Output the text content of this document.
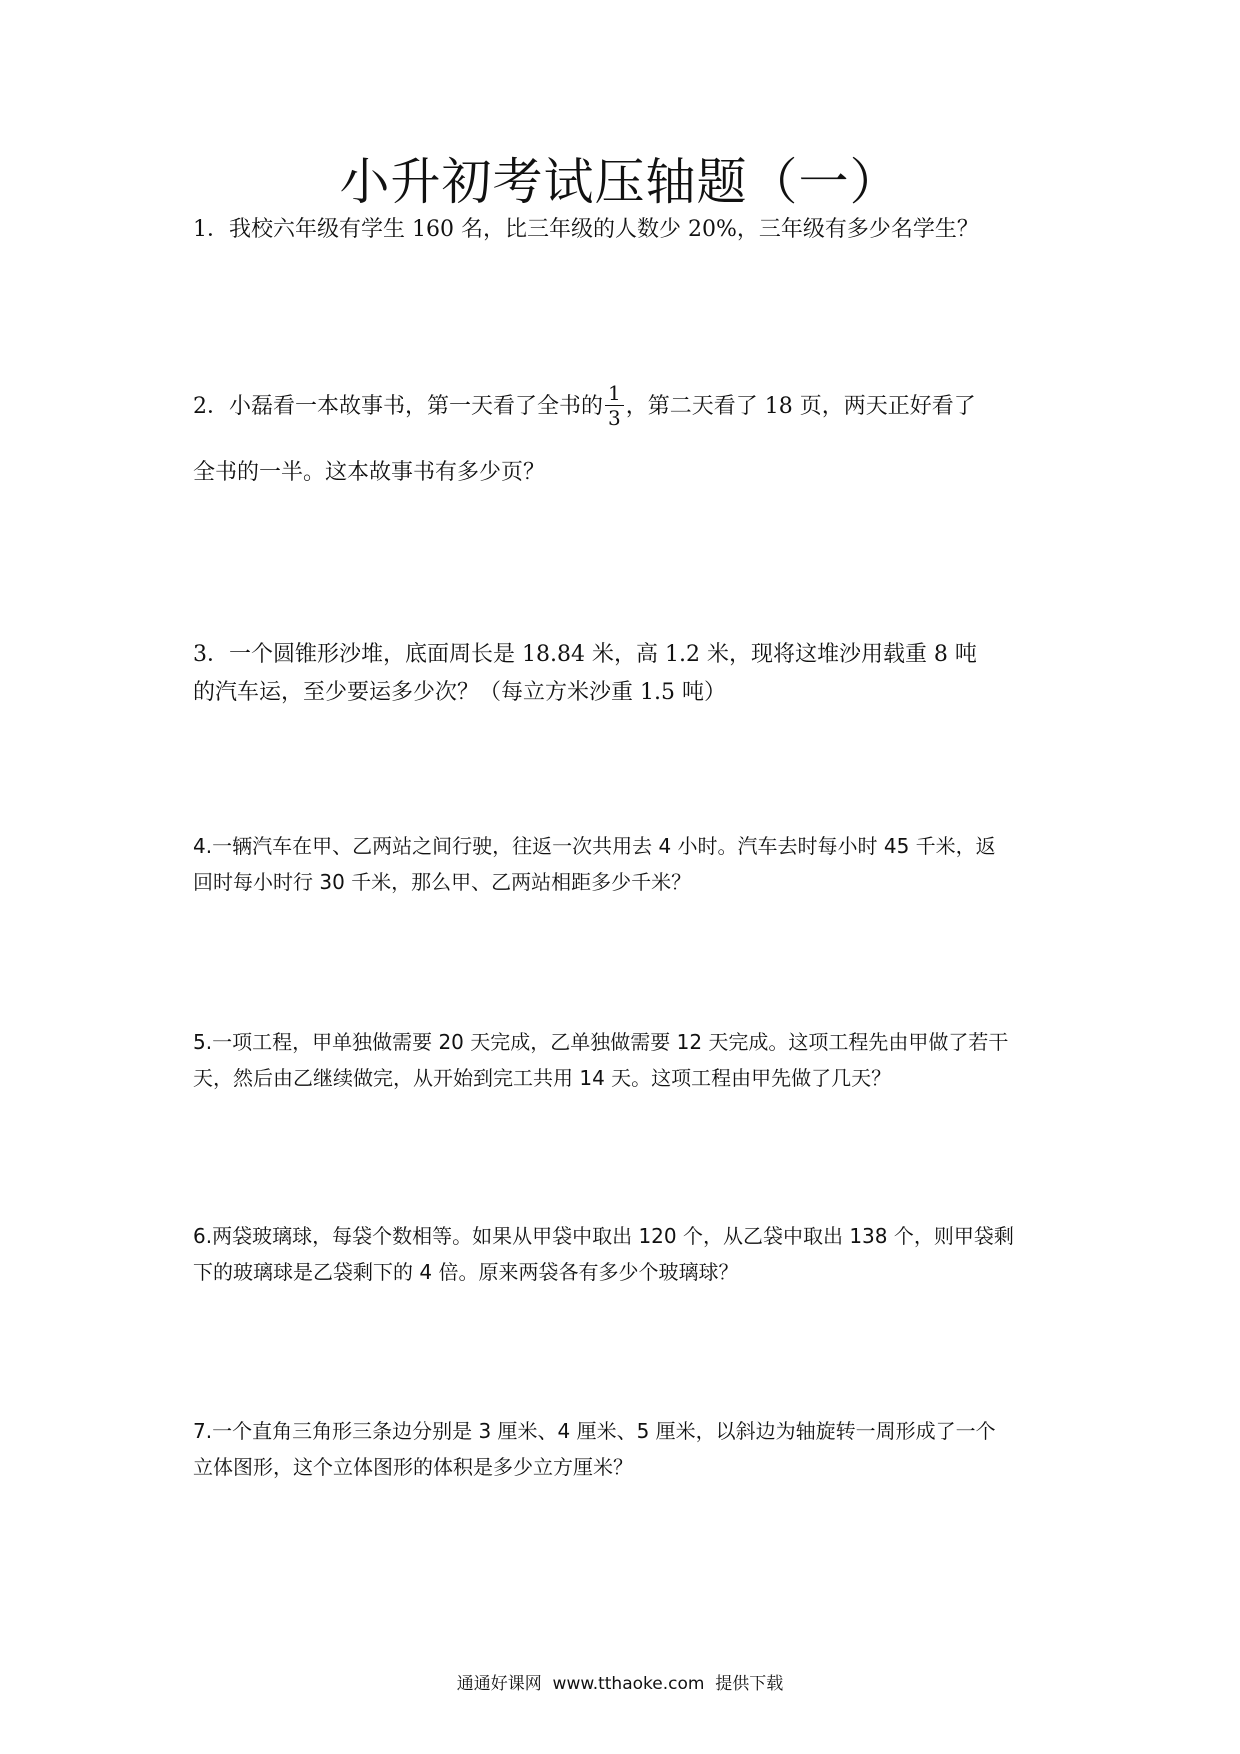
小升初考试压轴题（一）
1．我校六年级有学生 160 名，比三年级的人数少 20%，三年级有多少名学生？
2．小磊看一本故事书，第一天看了全书的 $\frac{1}{3}$ ，第二天看了 18 页，两天正好看了
全书的一半。这本故事书有多少页？
3．一个圆锥形沙堆，底面周长是 18.84 米，高 1.2 米，现将这堆沙用载重 8 吨
的汽车运，至少要运多少次？（每立方米沙重 1.5 吨）
4.一辆汽车在甲、乙两站之间行驶，往返一次共用去 4 小时。汽车去时每小时 45 千米，返
回时每小时行 30 千米，那么甲、乙两站相距多少千米？
5.一项工程，甲单独做需要 20 天完成，乙单独做需要 12 天完成。这项工程先由甲做了若干
天，然后由乙继续做完，从开始到完工共用 14 天。这项工程由甲先做了几天？
6.两袋玻璃球，每袋个数相等。如果从甲袋中取出 120 个，从乙袋中取出 138 个，则甲袋剩
下的玻璃球是乙袋剩下的 4 倍。原来两袋各有多少个玻璃球？
7.一个直角三角形三条边分别是 3 厘米、4 厘米、5 厘米，以斜边为轴旋转一周形成了一个
立体图形，这个立体图形的体积是多少立方厘米？
通通好课网  www.tthaoke.com  提供下载
